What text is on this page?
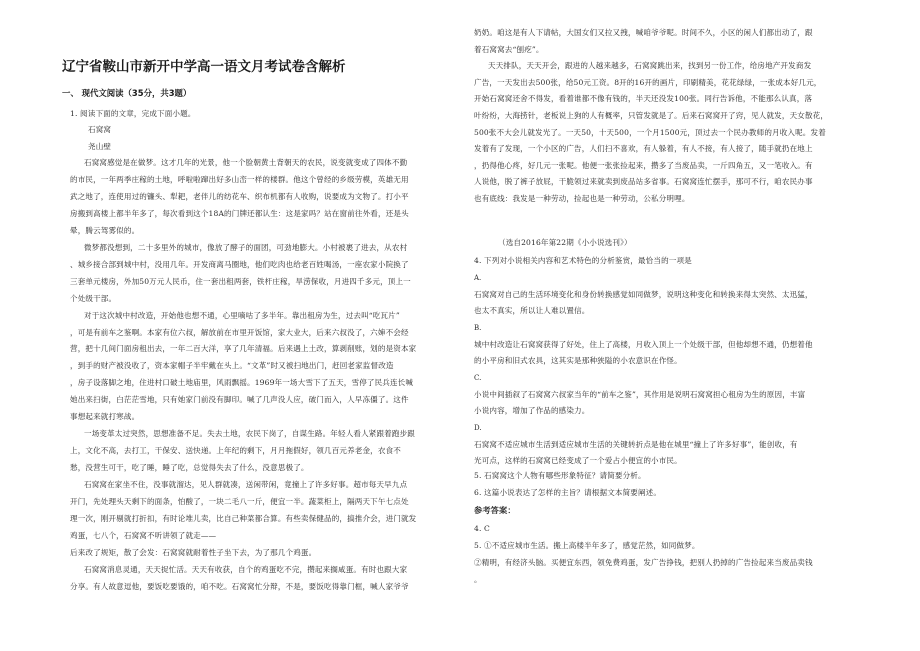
辽宁省鞍山市新开中学高一语文月考试卷含解析
一、 现代文阅读（35分，共3题）
1. 阅读下面的文章，完成下面小题。
石窝窝
尧山壁
石窝窝感觉是在做梦。这才几年的光景，他一个脸朝黄土背朝天的农民，说变就变成了四体不勤
的市民，一年两季庄稼的土地，呼啦啦蹿出好多山峦一样的楼群。他这个曾经的乡级劳模，英雄无用
武之地了，连使用过的镰头、犁耙，老伴儿的纺花车、织布机都有人收购，说要成为文物了。打小平
房搬到高楼上都半年多了，每次看到这个18A的门牌还都认生：这是家吗？站在窗前往外看，还是头
晕，腾云驾雾似的。
微梦都没想到，二十多里外的城市，像放了酵子的面团，可劲地膨大。小村被裹了进去，从农村
、城乡接合部到城中村，没用几年。开发商离马圈地，他们吃肉也给老百姓喝汤，一座农家小院换了
三套单元楼房，外加50万元人民币，住一套出租两套，铁杆庄稼，旱涝保收，月进四千多元，顶上一
个处级干部。
对于这次城中村改造，开始他也想不通，心里嘀咕了多半年。靠出租房为生，过去叫“吃瓦片”
，可是有前车之鉴啊。本家有位六叔，解放前在市里开饭馆，家大业大，后来六叔没了，六婶不会经
营，把十几间门面房租出去，一年二百大洋，享了几年清福。后来遇上土改，算剥削账，划的是资本家
，到手的财产被没收了，资本家帽子半牢戴在头上。“文革”时又被扫地出门，赶回老家监督改造
，房子设落脚之地，住进村口破土地庙里，风雨飘摇。1969年一场大雪下了五天，雪停了民兵连长喊
她出来扫街，白茫茫雪地，只有她家门前没有脚印。喊了几声没人应，破门而入，人早冻僵了。这件
事想起来就打寒战。
一场变革太过突然，思想准备不足。失去土地，农民下岗了，自谋生路。年轻人看人紧跟着跑步跟
上，文化不高，去打工，干保安、送快递。上年纪的剩下，月月拖假好，领几百元养老金，衣食不
愁，没营生可干，吃了睡，睡了吃，总觉得失去了什么，没意思极了。
石窝窝在家坐不住，没事就溜达，见人群就凑，送闲带闲，竟撞上了许多好事。超市每天早九点
开门，先处理头天剩下的面条，怕酸了，一块二毛八一斤，便宜一半。蔬菜柜上，隔两天下午七点处
理一次，刚开剔就打折扣，有时论堆儿卖，比自己种菜都合算。有些卖保健品的，搞推介会，进门就发
鸡蛋，七八个，石窝窝不听讲领了就走——
后来改了规矩，散了会发：石窝窝就耐着性子坐下去，为了那几个鸡蛋。
石窝窝消息灵通，天天捉忙活。天天有收获，自个的鸡蛋吃不完，攒起来搁咸蛋。有时也跟大家
分享。有人故意逗他，要饭吃要饿的，咱不吃。石窝窝忙分辩，不是，要饭吃得靠门框，喊人家爷爷
奶奶。咱这是有人下请帖，大国女们又拉又拽，喊咱爷爷呢。时间不久，小区的闲人们都出动了，跟
着石窝窝去“刨疙”。
天天排队，天天开会，跟进的人越来越多，石窝窝跳出来，找到另一份工作，给房地产开发商发
广告，一天发出去500张，给50元工资。8开的16开的画片，印刷精美，花花绿绿，一张成本好几元，
开始石窝窝还舍不得发，看着谁都不像有钱的，半天还没发100张。同行告诉他，不能那么认真，落
叶纷纷，大海捞针，老板说上狗的人有概率，只管发就是了。后来石窝窝开了窍，见人就发，天女散花，
500张不大会儿就发光了。一天50，十天500，一个月1500元，顶过去一个民办教师的月收入呢。发着
发着有了发现，一个小区的广告，人们扫不喜欢，有人躲着，有人不接，有人接了，随手就扔在地上
，扔得他心疼，好几元一张呢。他便一张张捡起来，攒多了当废品卖，一斤四角五，又一笔收入。有
人说他，脱了裤子放屁，干脆领过来就卖到废品站多省事。石窝窝连忙摆手，那可不行，咱农民办事
也有底线：我发是一种劳动，捡起也是一种劳动，公私分明哩。
（选自2016年第22期《小小说选刊》）
4. 下列对小说相关内容和艺术特色的分析鉴赏，最恰当的一项是
A.
石窝窝对自己的生活环境变化和身份转换感觉如同做梦，说明这种变化和转换来得太突然、太迅猛，
也太不真实，所以让人难以置信。
B.
城中村改造让石窝窝获得了好处，住上了高楼，月收入顶上一个处级干部，但他却想不通，仍想着他
的小平房和旧式农具，这其实是那种狭隘的小农意识在作怪。
C.
小说中间插叙了石窝窝六叔家当年的“前车之鉴”，其作用是说明石窝窝担心租房为生的原因，丰富
小说内容，增加了作品的感染力。
D.
石窝窝不适应城市生活到适应城市生活的关键转折点是他在城里“撞上了许多好事”，能创收，有
光可点，这样的石窝窝已经变成了一个爱占小便宜的小市民。
5. 石窝窝这个人物有哪些形象特征？请简要分析。
6. 这篇小说表达了怎样的主旨？请根据文本简要阐述。
参考答案：
4. C
5. ①不适应城市生活。搬上高楼半年多了，感觉茫然，如同做梦。
②精明，有经济头脑。买便宜东西，领免费鸡蛋，发广告挣钱，把别人扔掉的广告捡起来当废品卖钱
。
